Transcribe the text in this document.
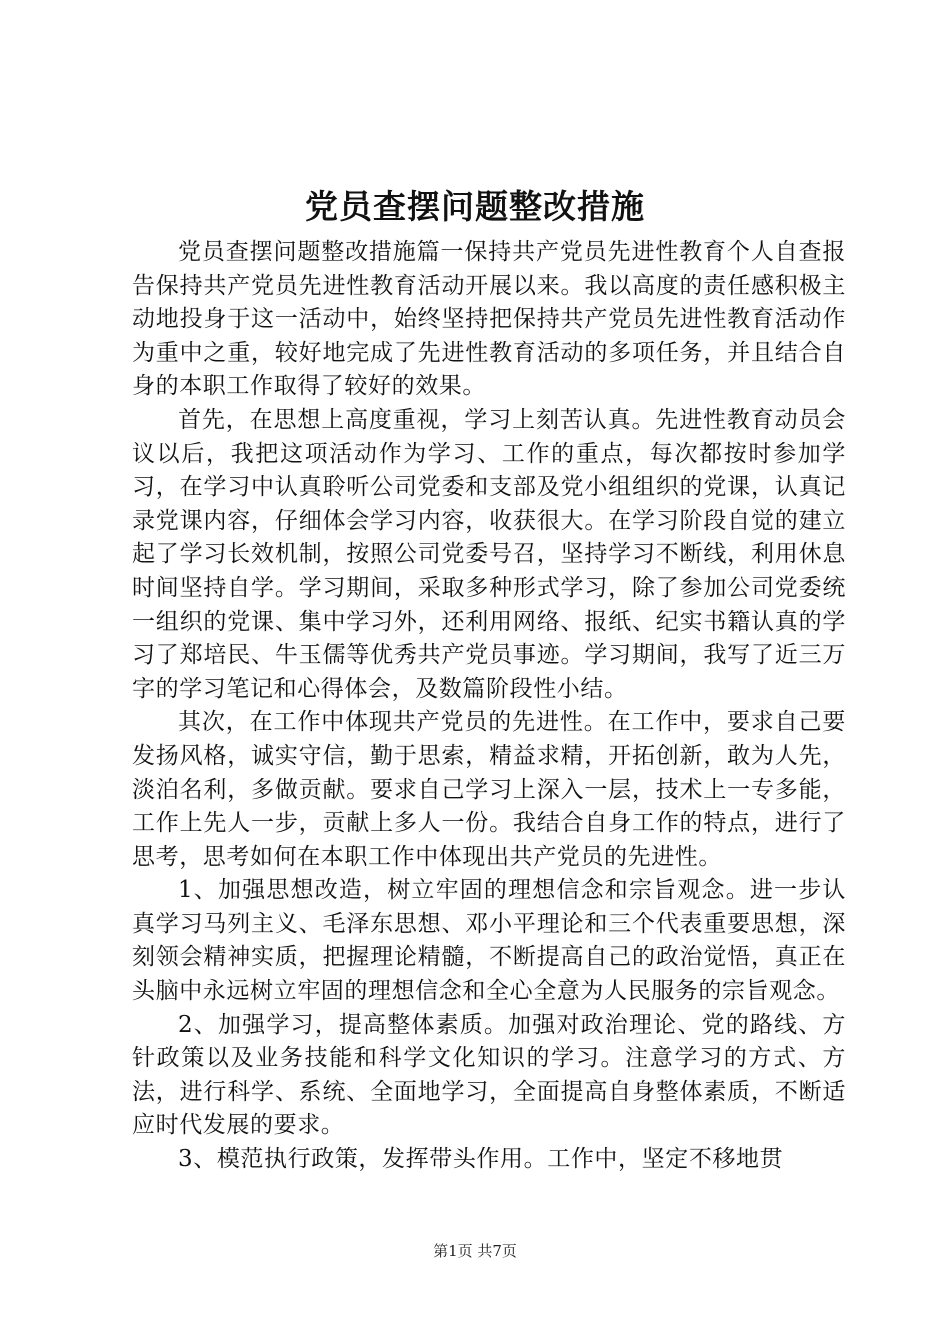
党员查摆问题整改措施

党员查摆问题整改措施篇一保持共产党员先进性教育个人自查报告保持共产党员先进性教育活动开展以来。我以高度的责任感积极主动地投身于这一活动中，始终坚持把保持共产党员先进性教育活动作为重中之重，较好地完成了先进性教育活动的多项任务，并且结合自身的本职工作取得了较好的效果。

首先，在思想上高度重视，学习上刻苦认真。先进性教育动员会议以后，我把这项活动作为学习、工作的重点，每次都按时参加学习，在学习中认真聆听公司党委和支部及党小组组织的党课，认真记录党课内容，仔细体会学习内容，收获很大。在学习阶段自觉的建立起了学习长效机制，按照公司党委号召，坚持学习不断线，利用休息时间坚持自学。学习期间，采取多种形式学习，除了参加公司党委统一组织的党课、集中学习外，还利用网络、报纸、纪实书籍认真的学习了郑培民、牛玉儒等优秀共产党员事迹。学习期间，我写了近三万字的学习笔记和心得体会，及数篇阶段性小结。

其次，在工作中体现共产党员的先进性。在工作中，要求自己要发扬风格，诚实守信，勤于思索，精益求精，开拓创新，敢为人先，淡泊名利，多做贡献。要求自己学习上深入一层，技术上一专多能，工作上先人一步，贡献上多人一份。我结合自身工作的特点，进行了思考，思考如何在本职工作中体现出共产党员的先进性。

1、加强思想改造，树立牢固的理想信念和宗旨观念。进一步认真学习马列主义、毛泽东思想、邓小平理论和三个代表重要思想，深刻领会精神实质，把握理论精髓，不断提高自己的政治觉悟，真正在头脑中永远树立牢固的理想信念和全心全意为人民服务的宗旨观念。

2、加强学习，提高整体素质。加强对政治理论、党的路线、方针政策以及业务技能和科学文化知识的学习。注意学习的方式、方法，进行科学、系统、全面地学习，全面提高自身整体素质，不断适应时代发展的要求。

3、模范执行政策，发挥带头作用。工作中，坚定不移地贯

第1页 共7页
